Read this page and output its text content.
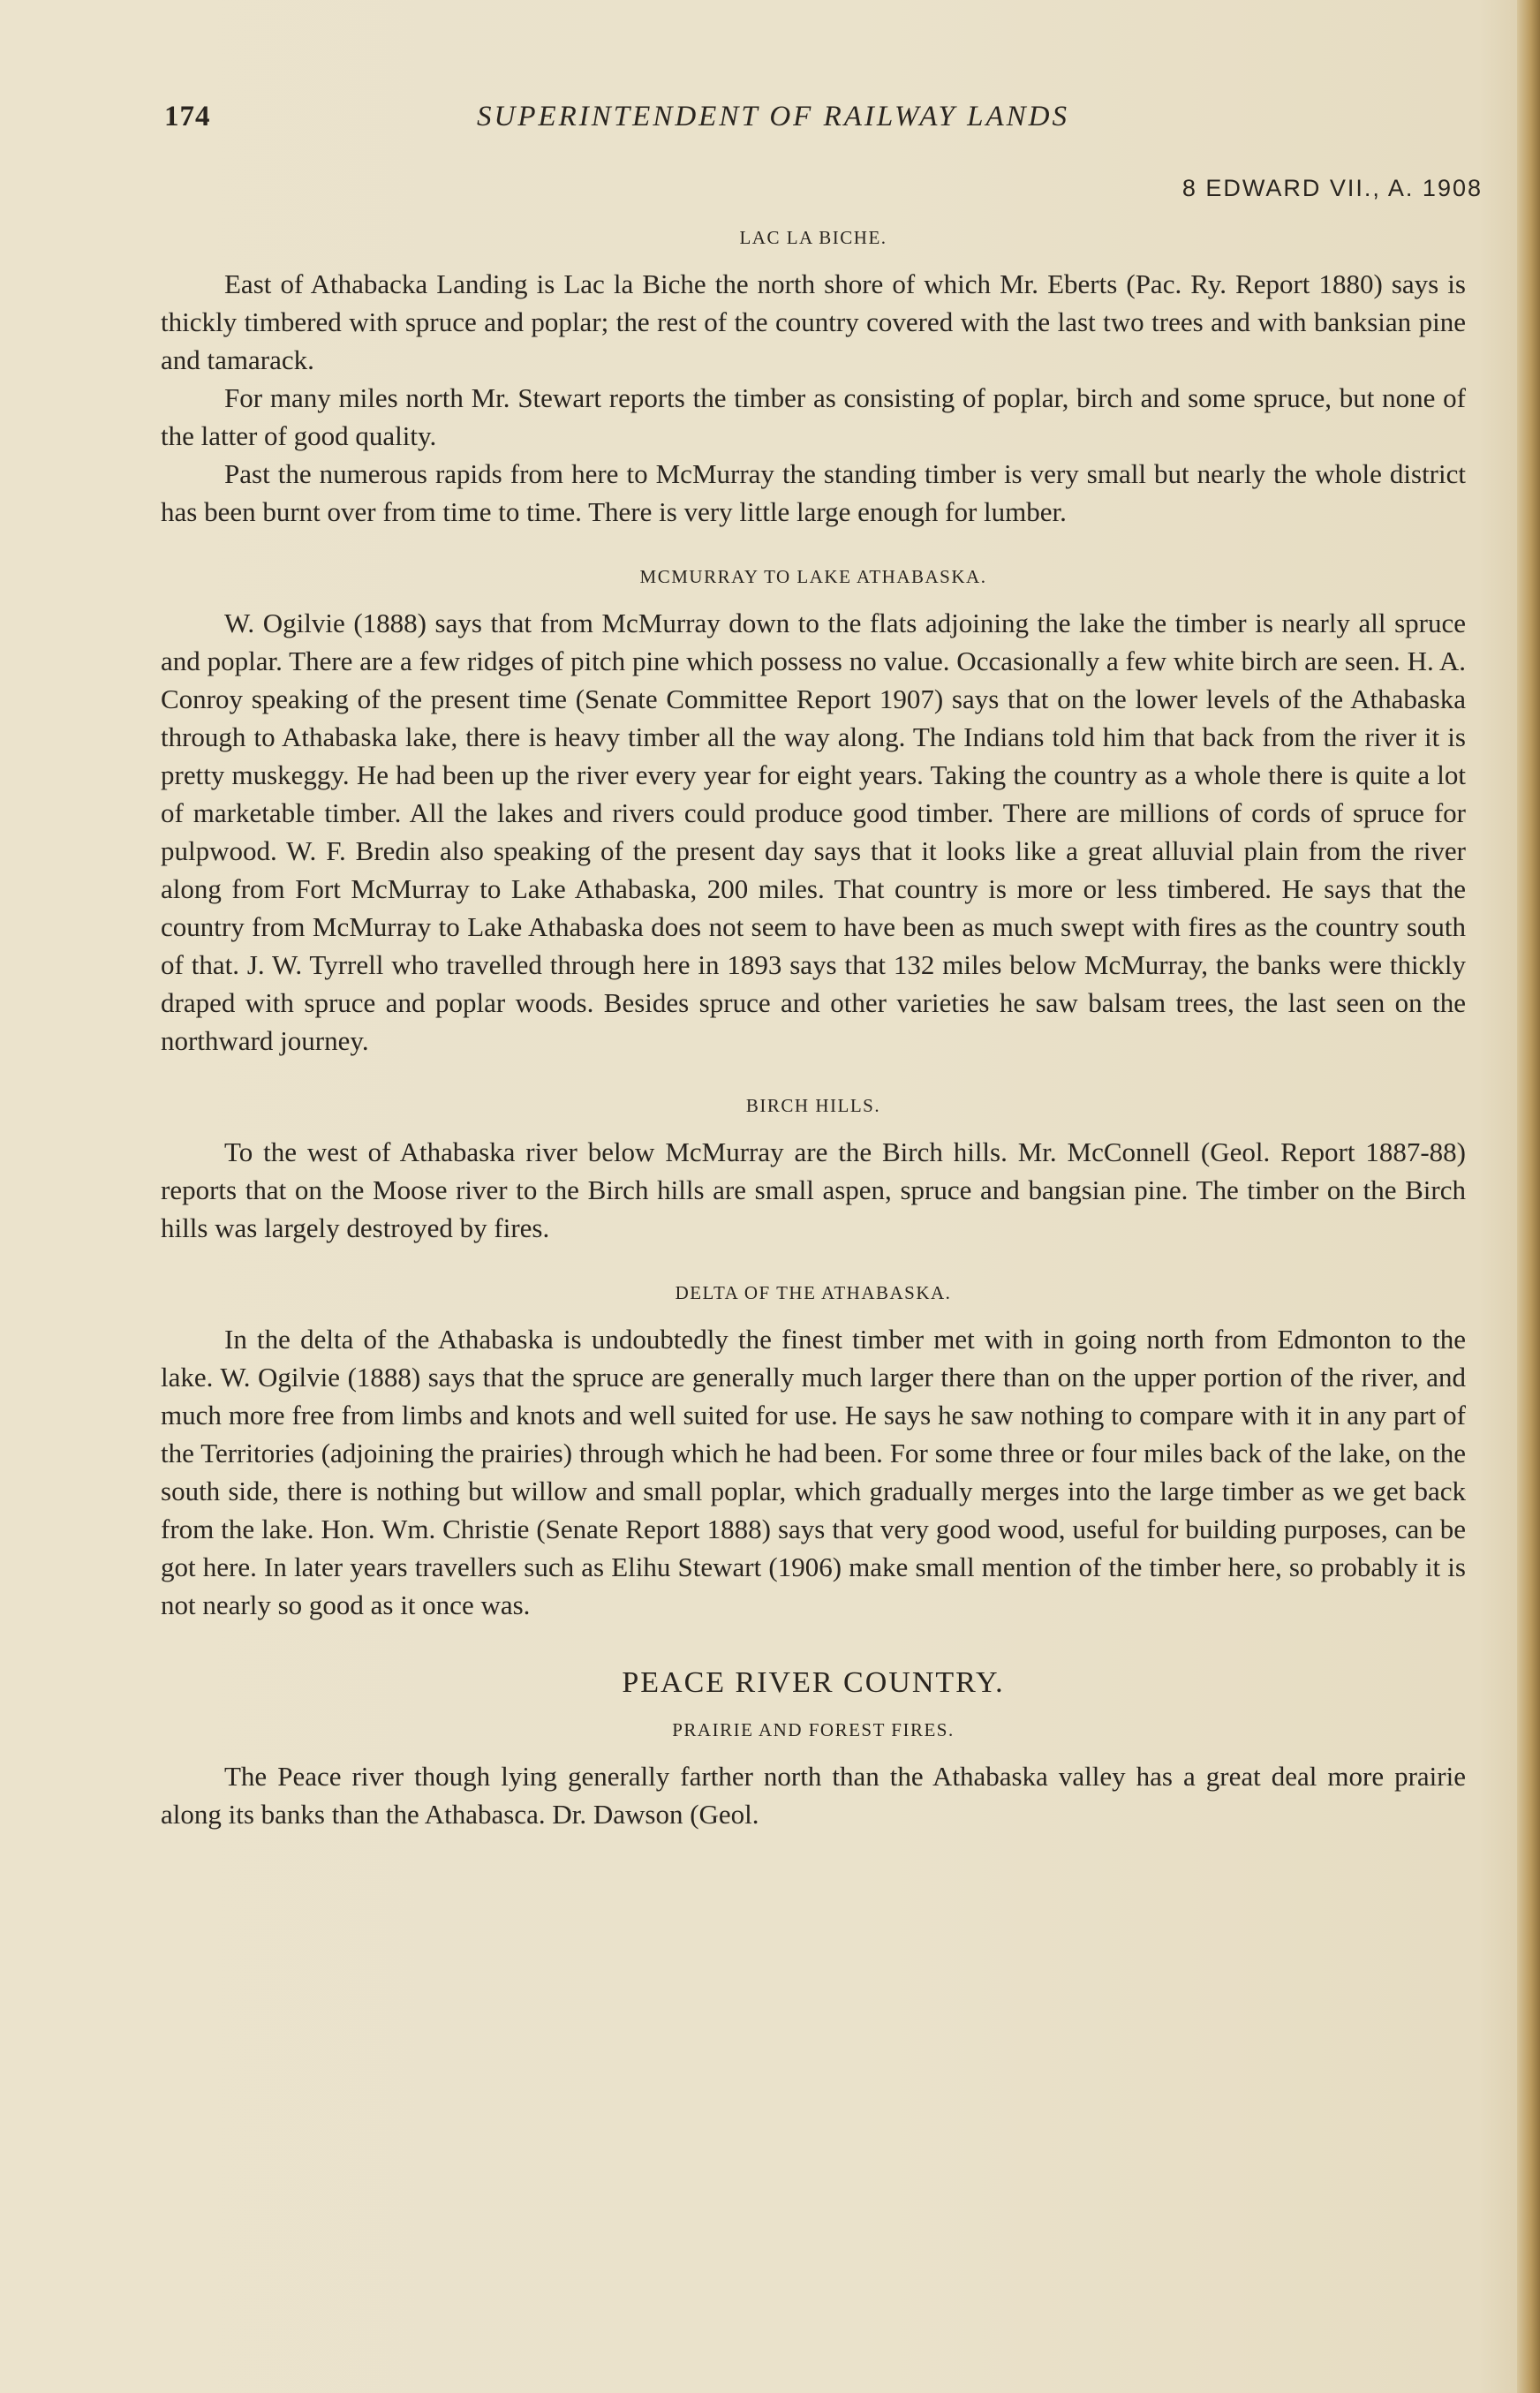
174	SUPERINTENDENT OF RAILWAY LANDS
8 EDWARD VII., A. 1908
LAC LA BICHE.

East of Athabacka Landing is Lac la Biche the north shore of which Mr. Eberts (Pac. Ry. Report 1880) says is thickly timbered with spruce and poplar; the rest of the country covered with the last two trees and with banksian pine and tamarack.

For many miles north Mr. Stewart reports the timber as consisting of poplar, birch and some spruce, but none of the latter of good quality.

Past the numerous rapids from here to McMurray the standing timber is very small but nearly the whole district has been burnt over from time to time. There is very little large enough for lumber.

MCMURRAY TO LAKE ATHABASKA.

W. Ogilvie (1888) says that from McMurray down to the flats adjoining the lake the timber is nearly all spruce and poplar. There are a few ridges of pitch pine which possess no value. Occasionally a few white birch are seen. H. A. Conroy speaking of the present time (Senate Committee Report 1907) says that on the lower levels of the Athabaska through to Athabaska lake, there is heavy timber all the way along. The Indians told him that back from the river it is pretty muskeggy. He had been up the river every year for eight years. Taking the country as a whole there is quite a lot of marketable timber. All the lakes and rivers could produce good timber. There are millions of cords of spruce for pulpwood. W. F. Bredin also speaking of the present day says that it looks like a great alluvial plain from the river along from Fort McMurray to Lake Athabaska, 200 miles. That country is more or less timbered. He says that the country from McMurray to Lake Athabaska does not seem to have been as much swept with fires as the country south of that. J. W. Tyrrell who travelled through here in 1893 says that 132 miles below McMurray, the banks were thickly draped with spruce and poplar woods. Besides spruce and other varieties he saw balsam trees, the last seen on the northward journey.

BIRCH HILLS.

To the west of Athabaska river below McMurray are the Birch hills. Mr. McConnell (Geol. Report 1887-88) reports that on the Moose river to the Birch hills are small aspen, spruce and bangsian pine. The timber on the Birch hills was largely destroyed by fires.

DELTA OF THE ATHABASKA.

In the delta of the Athabaska is undoubtedly the finest timber met with in going north from Edmonton to the lake. W. Ogilvie (1888) says that the spruce are generally much larger there than on the upper portion of the river, and much more free from limbs and knots and well suited for use. He says he saw nothing to compare with it in any part of the Territories (adjoining the prairies) through which he had been. For some three or four miles back of the lake, on the south side, there is nothing but willow and small poplar, which gradually merges into the large timber as we get back from the lake. Hon. Wm. Christie (Senate Report 1888) says that very good wood, useful for building purposes, can be got here. In later years travellers such as Elihu Stewart (1906) make small mention of the timber here, so probably it is not nearly so good as it once was.

PEACE RIVER COUNTRY.
PRAIRIE AND FOREST FIRES.

The Peace river though lying generally farther north than the Athabaska valley has a great deal more prairie along its banks than the Athabasca. Dr. Dawson (Geol.
